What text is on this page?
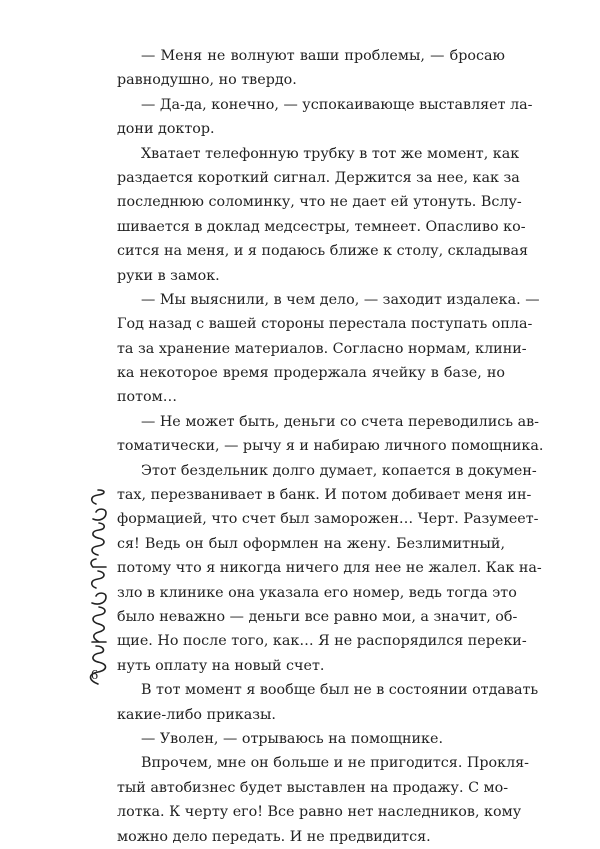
— Меня не волнуют ваши проблемы, — бросаю
равнодушно, но твердо.
— Да-да, конечно, — успокаивающе выставляет ла-
дони доктор.
Хватает телефонную трубку в тот же момент, как
раздается короткий сигнал. Держится за нее, как за
последнюю соломинку, что не дает ей утонуть. Вслу-
шивается в доклад медсестры, темнеет. Опасливо ко-
сится на меня, и я подаюсь ближе к столу, складывая
руки в замок.
— Мы выяснили, в чем дело, — заходит издалека. —
Год назад с вашей стороны перестала поступать опла-
та за хранение материалов. Согласно нормам, клини-
ка некоторое время продержала ячейку в базе, но
потом…
— Не может быть, деньги со счета переводились ав-
томатически, — рычу я и набираю личного помощника.
Этот бездельник долго думает, копается в докумен-
тах, перезванивает в банк. И потом добивает меня ин-
формацией, что счет был заморожен… Черт. Разумеет-
ся! Ведь он был оформлен на жену. Безлимитный,
потому что я никогда ничего для нее не жалел. Как на-
зло в клинике она указала его номер, ведь тогда это
было неважно — деньги все равно мои, а значит, об-
щие. Но после того, как… Я не распорядился переки-
нуть оплату на новый счет.
В тот момент я вообще был не в состоянии отдавать
какие-либо приказы.
— Уволен, — отрываюсь на помощнике.
Впрочем, мне он больше и не пригодится. Прокля-
тый автобизнес будет выставлен на продажу. С мо-
лотка. К черту его! Все равно нет наследников, кому
можно дело передать. И не предвидится.
6
